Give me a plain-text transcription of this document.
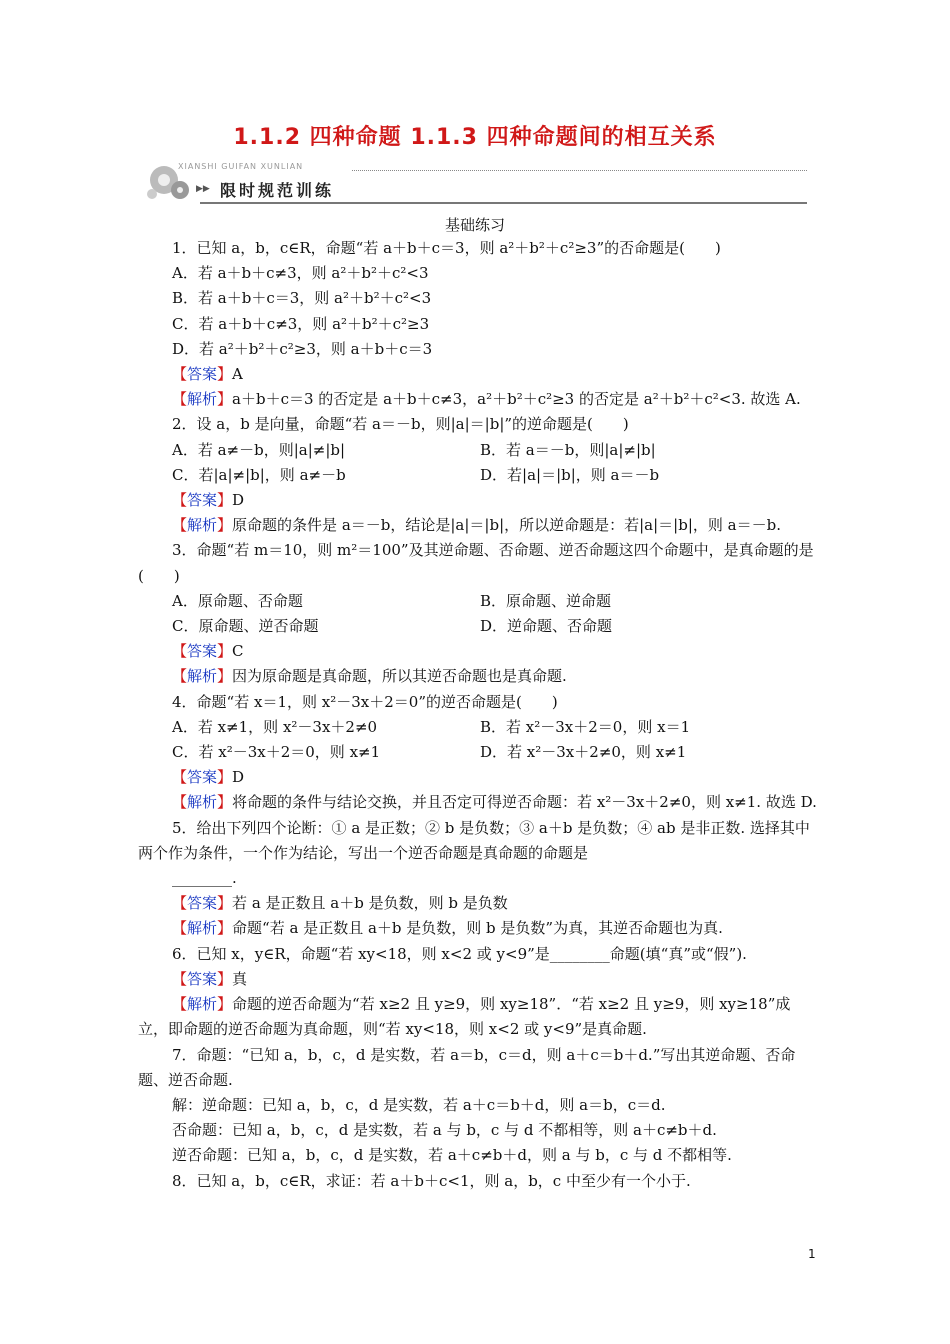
1.1.2 四种命题 1.1.3 四种命题间的相互关系
XIANSHI GUIFAN XUNLIAN
▶▶ 限时规范训练
基础练习
1．已知 a，b，c∈R，命题“若 a＋b＋c＝3，则 a²＋b²＋c²≥3”的否命题是(　　)
A．若 a＋b＋c≠3，则 a²＋b²＋c²<3
B．若 a＋b＋c＝3，则 a²＋b²＋c²<3
C．若 a＋b＋c≠3，则 a²＋b²＋c²≥3
D．若 a²＋b²＋c²≥3，则 a＋b＋c＝3
【答案】A
【解析】a＋b＋c＝3 的否定是 a＋b＋c≠3，a²＋b²＋c²≥3 的否定是 a²＋b²＋c²<3. 故选 A.
2．设 a，b 是向量，命题“若 a＝－b，则|a|＝|b|”的逆命题是(　　)
A．若 a≠－b，则|a|≠|b|	B．若 a＝－b，则|a|≠|b|
C．若|a|≠|b|，则 a≠－b	D．若|a|＝|b|，则 a＝－b
【答案】D
【解析】原命题的条件是 a＝－b，结论是|a|＝|b|，所以逆命题是：若|a|＝|b|，则 a＝－b.
3．命题“若 m＝10，则 m²＝100”及其逆命题、否命题、逆否命题这四个命题中，是真命题的是(　　)
A．原命题、否命题	B．原命题、逆命题
C．原命题、逆否命题	D．逆命题、否命题
【答案】C
【解析】因为原命题是真命题，所以其逆否命题也是真命题.
4．命题“若 x＝1，则 x²－3x＋2＝0”的逆否命题是(　　)
A．若 x≠1，则 x²－3x＋2≠0	B．若 x²－3x＋2＝0，则 x＝1
C．若 x²－3x＋2＝0，则 x≠1	D．若 x²－3x＋2≠0，则 x≠1
【答案】D
【解析】将命题的条件与结论交换，并且否定可得逆否命题：若 x²－3x＋2≠0，则 x≠1. 故选 D.
5．给出下列四个论断：① a 是正数；② b 是负数；③ a＋b 是负数；④ ab 是非正数. 选择其中两个作为条件，一个作为结论，写出一个逆否命题是真命题的命题是
________.
【答案】若 a 是正数且 a＋b 是负数，则 b 是负数
【解析】命题“若 a 是正数且 a＋b 是负数，则 b 是负数”为真，其逆否命题也为真.
6．已知 x，y∈R，命题“若 xy<18，则 x<2 或 y<9”是________命题(填“真”或“假”).
【答案】真
【解析】命题的逆否命题为“若 x≥2 且 y≥9，则 xy≥18”．“若 x≥2 且 y≥9，则 xy≥18”成立，即命题的逆否命题为真命题，则“若 xy<18，则 x<2 或 y<9”是真命题.
7．命题：“已知 a，b，c，d 是实数，若 a＝b，c＝d，则 a＋c＝b＋d.”写出其逆命题、否命题、逆否命题.
解：逆命题：已知 a，b，c，d 是实数，若 a＋c＝b＋d，则 a＝b，c＝d.
否命题：已知 a，b，c，d 是实数，若 a 与 b，c 与 d 不都相等，则 a＋c≠b＋d.
逆否命题：已知 a，b，c，d 是实数，若 a＋c≠b＋d，则 a 与 b，c 与 d 不都相等.
8．已知 a，b，c∈R，求证：若 a＋b＋c<1，则 a，b，c 中至少有一个小于.
1
